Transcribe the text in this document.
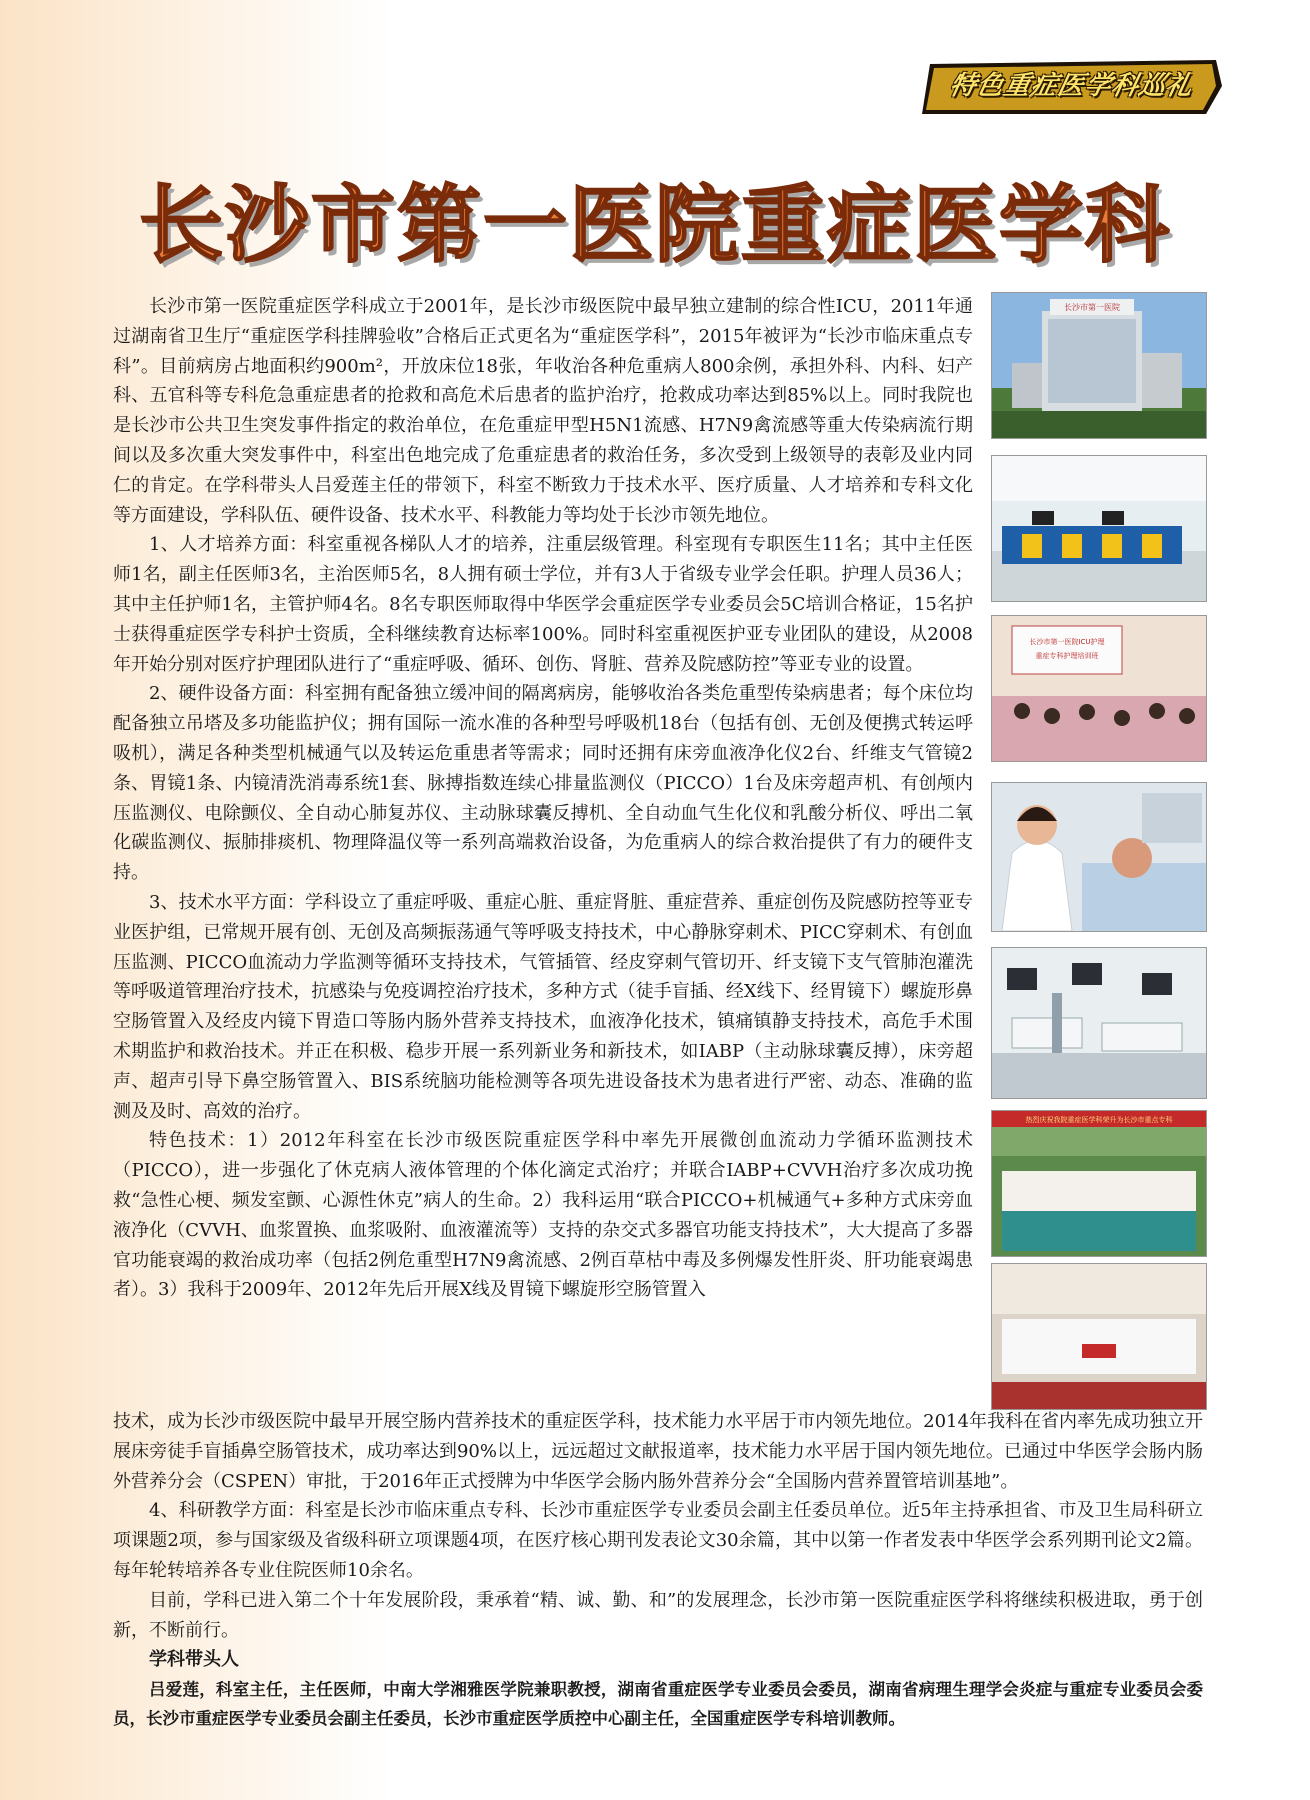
特色重症医学科巡礼
长沙市第一医院重症医学科

长沙市第一医院重症医学科成立于2001年，是长沙市级医院中最早独立建制的综合性ICU，2011年通过湖南省卫生厅“重症医学科挂牌验收”合格后正式更名为“重症医学科”，2015年被评为“长沙市临床重点专科”。目前病房占地面积约900m²，开放床位18张，年收治各种危重病人800余例，承担外科、内科、妇产科、五官科等专科危急重症患者的抢救和高危术后患者的监护治疗，抢救成功率达到85%以上。同时我院也是长沙市公共卫生突发事件指定的救治单位，在危重症甲型H5N1流感、H7N9禽流感等重大传染病流行期间以及多次重大突发事件中，科室出色地完成了危重症患者的救治任务，多次受到上级领导的表彰及业内同仁的肯定。在学科带头人吕爱莲主任的带领下，科室不断致力于技术水平、医疗质量、人才培养和专科文化等方面建设，学科队伍、硬件设备、技术水平、科教能力等均处于长沙市领先地位。

1、人才培养方面：科室重视各梯队人才的培养，注重层级管理。科室现有专职医生11名；其中主任医师1名，副主任医师3名，主治医师5名，8人拥有硕士学位，并有3人于省级专业学会任职。护理人员36人；其中主任护师1名，主管护师4名。8名专职医师取得中华医学会重症医学专业委员会5C培训合格证，15名护士获得重症医学专科护士资质，全科继续教育达标率100%。同时科室重视医护亚专业团队的建设，从2008年开始分别对医疗护理团队进行了“重症呼吸、循环、创伤、肾脏、营养及院感防控”等亚专业的设置。

2、硬件设备方面：科室拥有配备独立缓冲间的隔离病房，能够收治各类危重型传染病患者；每个床位均配备独立吊塔及多功能监护仪；拥有国际一流水准的各种型号呼吸机18台（包括有创、无创及便携式转运呼吸机），满足各种类型机械通气以及转运危重患者等需求；同时还拥有床旁血液净化仪2台、纤维支气管镜2条、胃镜1条、内镜清洗消毒系统1套、脉搏指数连续心排量监测仪（PICCO）1台及床旁超声机、有创颅内压监测仪、电除颤仪、全自动心肺复苏仪、主动脉球囊反搏机、全自动血气生化仪和乳酸分析仪、呼出二氧化碳监测仪、振肺排痰机、物理降温仪等一系列高端救治设备，为危重病人的综合救治提供了有力的硬件支持。

3、技术水平方面：学科设立了重症呼吸、重症心脏、重症肾脏、重症营养、重症创伤及院感防控等亚专业医护组，已常规开展有创、无创及高频振荡通气等呼吸支持技术，中心静脉穿刺术、PICC穿刺术、有创血压监测、PICCO血流动力学监测等循环支持技术，气管插管、经皮穿刺气管切开、纤支镜下支气管肺泡灌洗等呼吸道管理治疗技术，抗感染与免疫调控治疗技术，多种方式（徒手盲插、经X线下、经胃镜下）螺旋形鼻空肠管置入及经皮内镜下胃造口等肠内肠外营养支持技术，血液净化技术，镇痛镇静支持技术，高危手术围术期监护和救治技术。并正在积极、稳步开展一系列新业务和新技术，如IABP（主动脉球囊反搏），床旁超声、超声引导下鼻空肠管置入、BIS系统脑功能检测等各项先进设备技术为患者进行严密、动态、准确的监测及及时、高效的治疗。

特色技术：1）2012年科室在长沙市级医院重症医学科中率先开展微创血流动力学循环监测技术（PICCO），进一步强化了休克病人液体管理的个体化滴定式治疗；并联合IABP+CVVH治疗多次成功挽救“急性心梗、频发室颤、心源性休克”病人的生命。2）我科运用“联合PICCO+机械通气+多种方式床旁血液净化（CVVH、血浆置换、血浆吸附、血液灌流等）支持的杂交式多器官功能支持技术”，大大提高了多器官功能衰竭的救治成功率（包括2例危重型H7N9禽流感、2例百草枯中毒及多例爆发性肝炎、肝功能衰竭患者）。3）我科于2009年、2012年先后开展X线及胃镜下螺旋形空肠管置入

技术，成为长沙市级医院中最早开展空肠内营养技术的重症医学科，技术能力水平居于市内领先地位。2014年我科在省内率先成功独立开展床旁徒手盲插鼻空肠管技术，成功率达到90%以上，远远超过文献报道率，技术能力水平居于国内领先地位。已通过中华医学会肠内肠外营养分会（CSPEN）审批，于2016年正式授牌为中华医学会肠内肠外营养分会“全国肠内营养置管培训基地”。

4、科研教学方面：科室是长沙市临床重点专科、长沙市重症医学专业委员会副主任委员单位。近5年主持承担省、市及卫生局科研立项课题2项，参与国家级及省级科研立项课题4项，在医疗核心期刊发表论文30余篇，其中以第一作者发表中华医学会系列期刊论文2篇。每年轮转培养各专业住院医师10余名。

目前，学科已进入第二个十年发展阶段，秉承着“精、诚、勤、和”的发展理念，长沙市第一医院重症医学科将继续积极进取，勇于创新，不断前行。

学科带头人

吕爱莲，科室主任，主任医师，中南大学湘雅医学院兼职教授，湖南省重症医学专业委员会委员，湖南省病理生理学会炎症与重症专业委员会委员，长沙市重症医学专业委员会副主任委员，长沙市重症医学质控中心副主任，全国重症医学专科培训教师。

长沙市第一医院
长沙市第一医院ICU护理
重症专科护理培训班
热烈庆祝我院重症医学科荣升为长沙市重点专科
